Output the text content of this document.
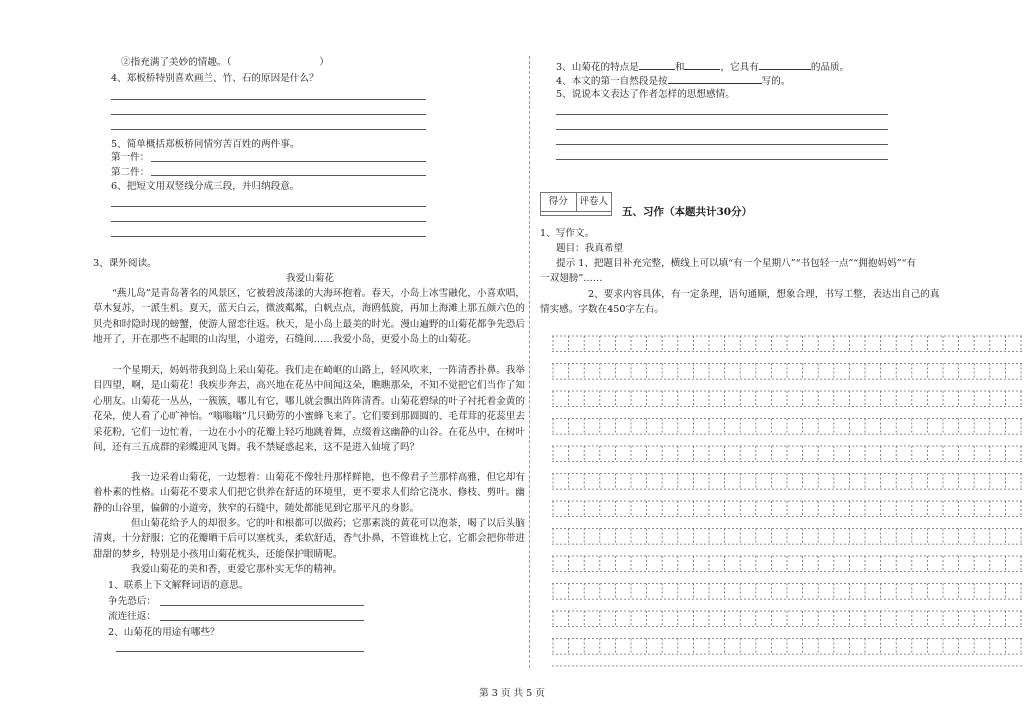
②指充满了美妙的情趣。（	）
4、郑板桥特别喜欢画兰、竹、石的原因是什么？
5、简单概括郑板桥同情穷苦百姓的两件事。
第一件：
第二件：
6、把短文用双竖线分成三段，并归纳段意。
3、课外阅读。
我爱山菊花
“燕儿岛”是青岛著名的风景区，它被碧波荡漾的大海环抱着。春天，小岛上冰雪融化，小喜欢唱，草木复苏，一派生机。夏天，蓝天白云，微波粼粼，白帆点点，海鸥低旋，再加上海滩上那五颜六色的贝壳和时隐时现的螃蟹，使游人留恋往返。秋天，是小岛上最美的时光。漫山遍野的山菊花都争先恐后地开了，开在那些不起眼的山沟里，小道旁，石缝间……我爱小岛，更爱小岛上的山菊花。
一个星期天，妈妈带我到岛上采山菊花。我们走在崎岖的山路上，轻风吹来，一阵清香扑鼻。我举目四望，啊，是山菊花！我疾步奔去，高兴地在花丛中间闻这朵，瞧瞧那朵，不知不觉把它们当作了知心朋友。山菊花一丛丛，一簇簇，哪儿有它，哪儿就会飘出阵阵清香。山菊花碧绿的叶子衬托着金黄的花朵，使人看了心旷神怡。“嗡嗡嗡”几只勤劳的小蜜蜂飞来了。它们要到那圆圆的、毛茸茸的花蕊里去采花粉，它们一边忙着，一边在小小的花瓣上轻巧地跳着舞，点缀着这幽静的山谷。在花丛中，在树叶间，还有三五成群的彩蝶迎风飞舞。我不禁疑惑起来，这不是进入仙境了吗？
我一边采着山菊花，一边想着：山菊花不像牡丹那样鲜艳，也不像君子兰那样高雅，但它却有着朴素的性格。山菊花不要求人们把它供养在舒适的环境里，更不要求人们给它浇水、修枝、剪叶。幽静的山谷里，偏僻的小道旁，狭窄的石缝中，随处都能见到它那平凡的身影。
但山菊花给予人的却很多。它的叶和根都可以做药；它那素淡的黄花可以泡茶，喝了以后头脑清爽，十分舒服；它的花瓣晒干后可以塞枕头，柔软舒适，香气扑鼻，不管谁枕上它，它都会把你带进甜甜的梦乡，特别是小孩用山菊花枕头，还能保护眼睛呢。
我爱山菊花的美和香，更爱它那朴实无华的精神。
1、联系上下文解释词语的意思。
争先恐后：
流连往返：
2、山菊花的用途有哪些？
3、山菊花的特点是	和	，它具有	的品质。
4、本文的第一自然段是按	写的。
5、说说本文表达了作者怎样的思想感情。
得分	评卷人
五、习作（本题共计30分）
1、写作文。
题目：我真希望
提示 1、把题目补充完整，横线上可以填“有一个星期八”“书包轻一点”“拥抱妈妈”“有
一双翅膀”……
2、要求内容具体，有一定条理，语句通顺，想象合理，书写工整，表达出自己的真
情实感。字数在450字左右。
第 3 页 共 5 页
